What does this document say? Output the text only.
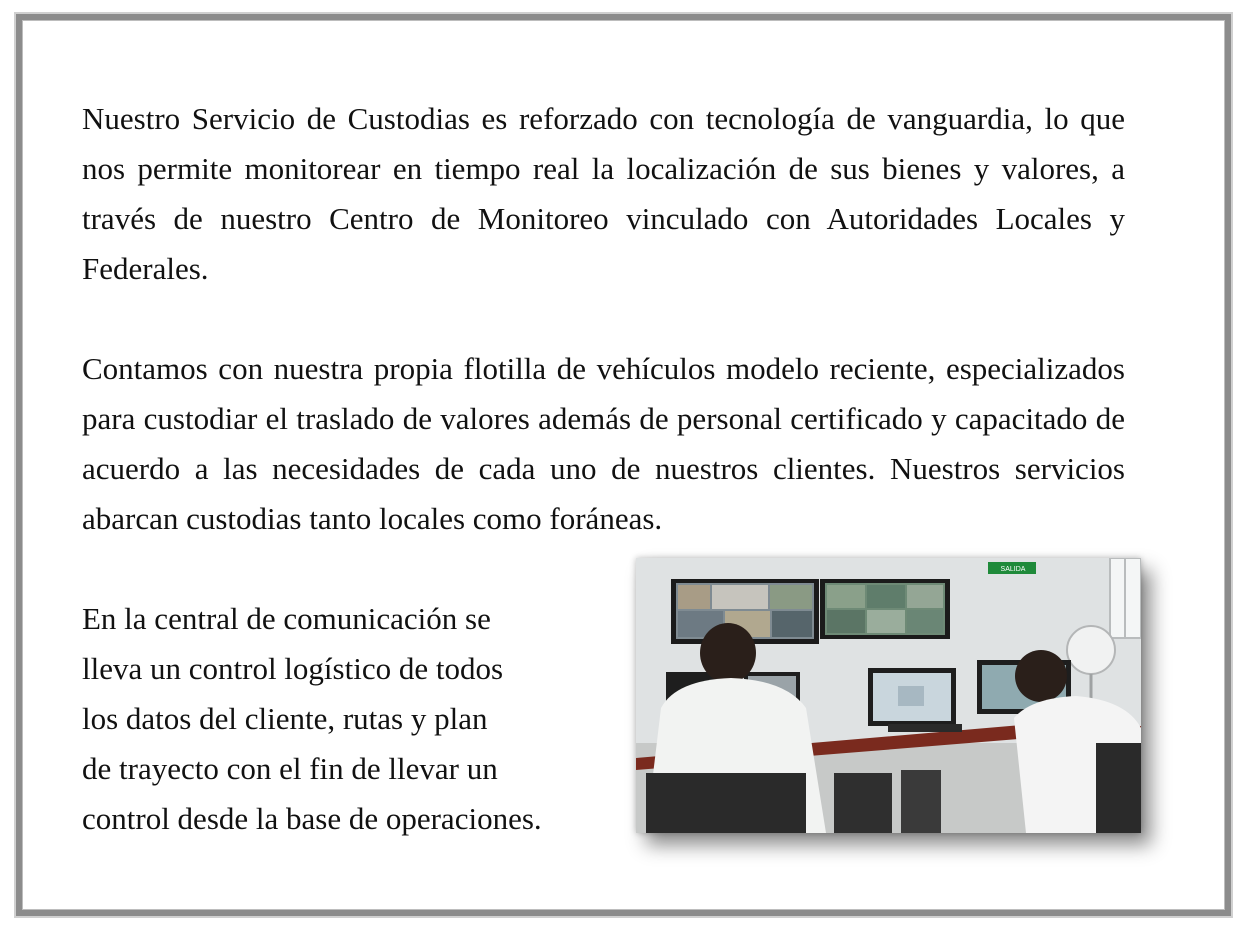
Nuestro Servicio de Custodias es reforzado con tecnología de vanguardia, lo que nos permite monitorear en tiempo real la localización de sus bienes y valores, a través de nuestro Centro de Monitoreo vinculado con Autoridades Locales y Federales.

Contamos con nuestra propia flotilla de vehículos modelo reciente, especializados para custodiar el traslado de valores además de personal certificado y capacitado de acuerdo a las necesidades de cada uno de nuestros clientes. Nuestros servicios abarcan custodias tanto locales como foráneas.

En la central de comunicación se
lleva un control logístico de todos
los datos del cliente, rutas y plan
de trayecto con el fin de llevar un
control desde la base de operaciones.

SALIDA
